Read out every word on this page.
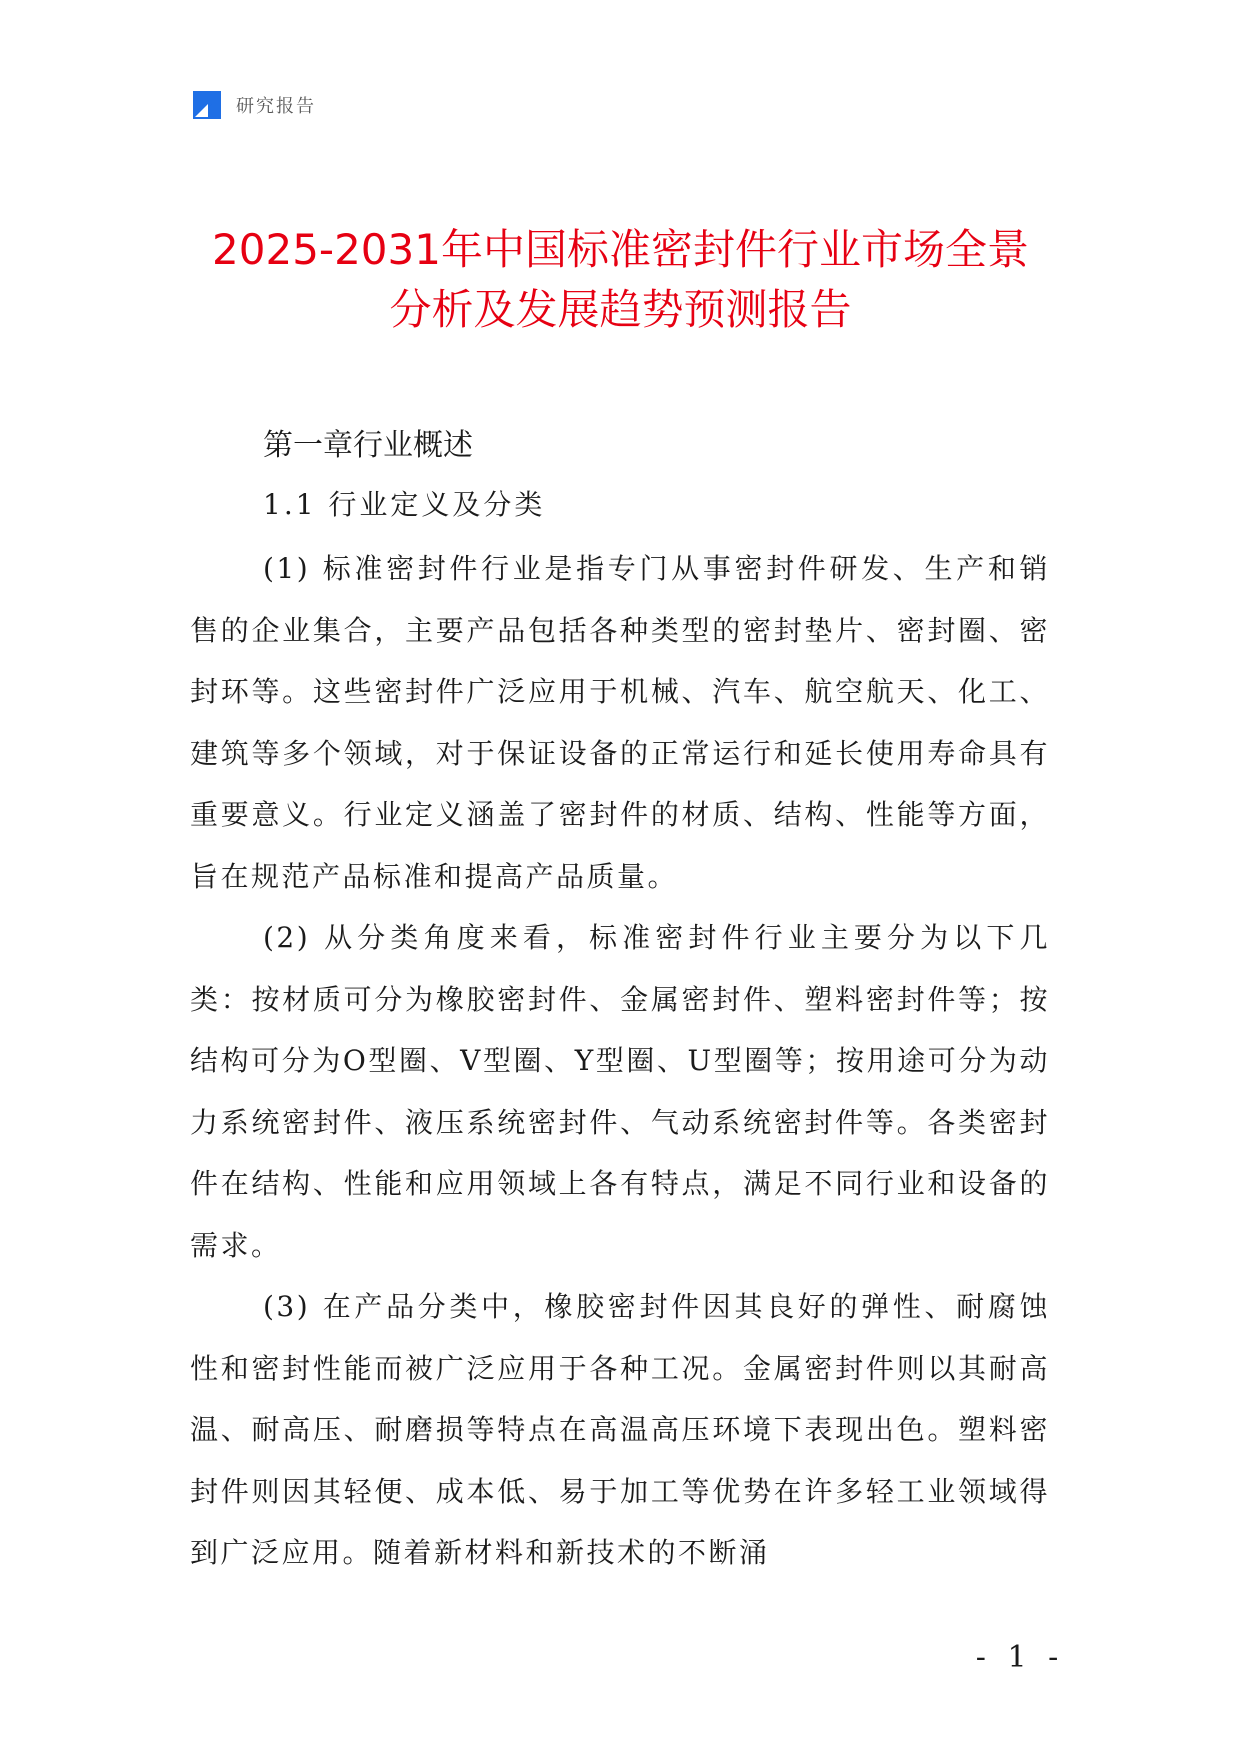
研究报告
2025-2031年中国标准密封件行业市场全景
分析及发展趋势预测报告
第一章行业概述
1.1 行业定义及分类

(1) 标准密封件行业是指专门从事密封件研发、生产和销售的企业集合，主要产品包括各种类型的密封垫片、密封圈、密封环等。这些密封件广泛应用于机械、汽车、航空航天、化工、建筑等多个领域，对于保证设备的正常运行和延长使用寿命具有重要意义。行业定义涵盖了密封件的材质、结构、性能等方面，旨在规范产品标准和提高产品质量。

(2) 从分类角度来看，标准密封件行业主要分为以下几类：按材质可分为橡胶密封件、金属密封件、塑料密封件等；按结构可分为O型圈、V型圈、Y型圈、U型圈等；按用途可分为动力系统密封件、液压系统密封件、气动系统密封件等。各类密封件在结构、性能和应用领域上各有特点，满足不同行业和设备的需求。

(3) 在产品分类中，橡胶密封件因其良好的弹性、耐腐蚀性和密封性能而被广泛应用于各种工况。金属密封件则以其耐高温、耐高压、耐磨损等特点在高温高压环境下表现出色。塑料密封件则因其轻便、成本低、易于加工等优势在许多轻工业领域得到广泛应用。随着新材料和新技术的不断涌

- 1 -
